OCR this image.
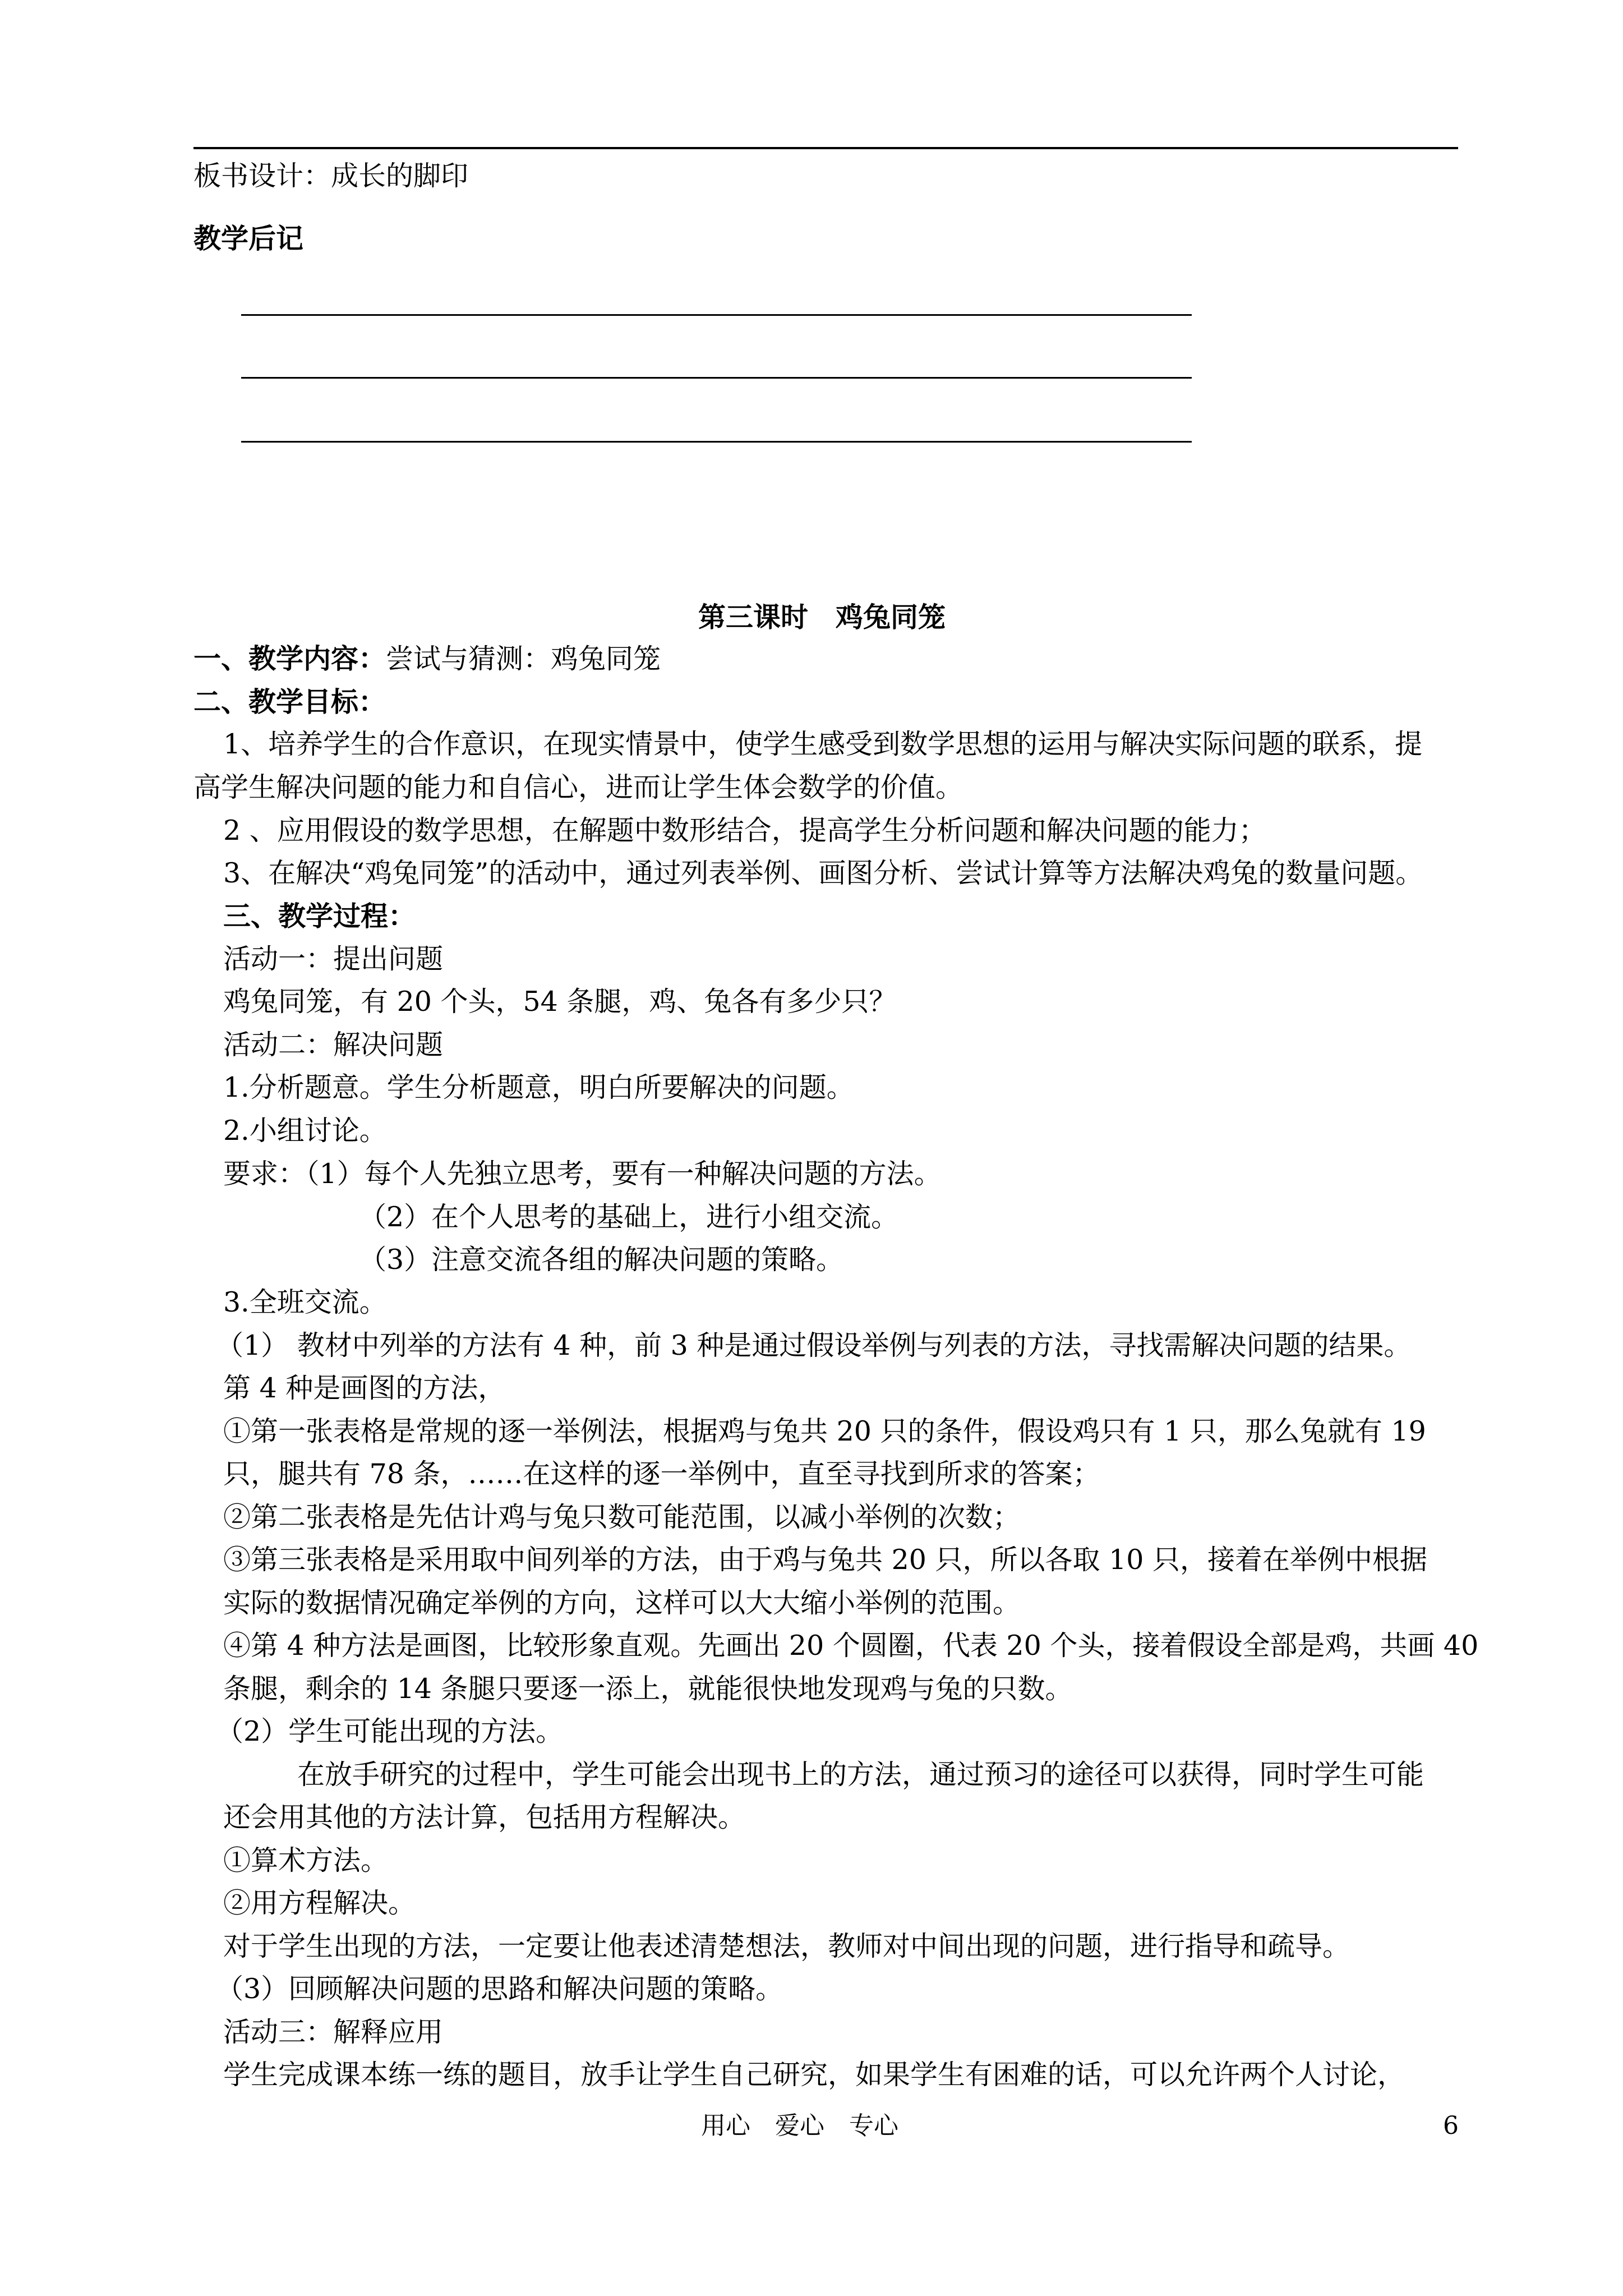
板书设计：成长的脚印
教学后记
第三课时　鸡兔同笼
一、教学内容：尝试与猜测：鸡兔同笼
二、教学目标：
1、培养学生的合作意识，在现实情景中，使学生感受到数学思想的运用与解决实际问题的联系，提
高学生解决问题的能力和自信心，进而让学生体会数学的价值。
2 、应用假设的数学思想，在解题中数形结合，提高学生分析问题和解决问题的能力；
3、在解决“鸡兔同笼”的活动中，通过列表举例、画图分析、尝试计算等方法解决鸡兔的数量问题。
三、教学过程：
活动一：提出问题
鸡兔同笼，有 20 个头，54 条腿，鸡、兔各有多少只？
活动二：解决问题
1.分析题意。学生分析题意，明白所要解决的问题。
2.小组讨论。
要求：（1）每个人先独立思考，要有一种解决问题的方法。
（2）在个人思考的基础上，进行小组交流。
（3）注意交流各组的解决问题的策略。
3.全班交流。
（1） 教材中列举的方法有 4 种，前 3 种是通过假设举例与列表的方法，寻找需解决问题的结果。
第 4 种是画图的方法，
①第一张表格是常规的逐一举例法，根据鸡与兔共 20 只的条件，假设鸡只有 1 只，那么兔就有 19
只，腿共有 78 条，……在这样的逐一举例中，直至寻找到所求的答案；
②第二张表格是先估计鸡与兔只数可能范围，以减小举例的次数；
③第三张表格是采用取中间列举的方法，由于鸡与兔共 20 只，所以各取 10 只，接着在举例中根据
实际的数据情况确定举例的方向，这样可以大大缩小举例的范围。
④第 4 种方法是画图，比较形象直观。先画出 20 个圆圈，代表 20 个头，接着假设全部是鸡，共画 40
条腿，剩余的 14 条腿只要逐一添上，就能很快地发现鸡与兔的只数。
（2）学生可能出现的方法。
在放手研究的过程中，学生可能会出现书上的方法，通过预习的途径可以获得，同时学生可能
还会用其他的方法计算，包括用方程解决。
①算术方法。
②用方程解决。
对于学生出现的方法，一定要让他表述清楚想法，教师对中间出现的问题，进行指导和疏导。
（3）回顾解决问题的思路和解决问题的策略。
活动三：解释应用
学生完成课本练一练的题目，放手让学生自己研究，如果学生有困难的话，可以允许两个人讨论，
用心　爱心　专心	6
